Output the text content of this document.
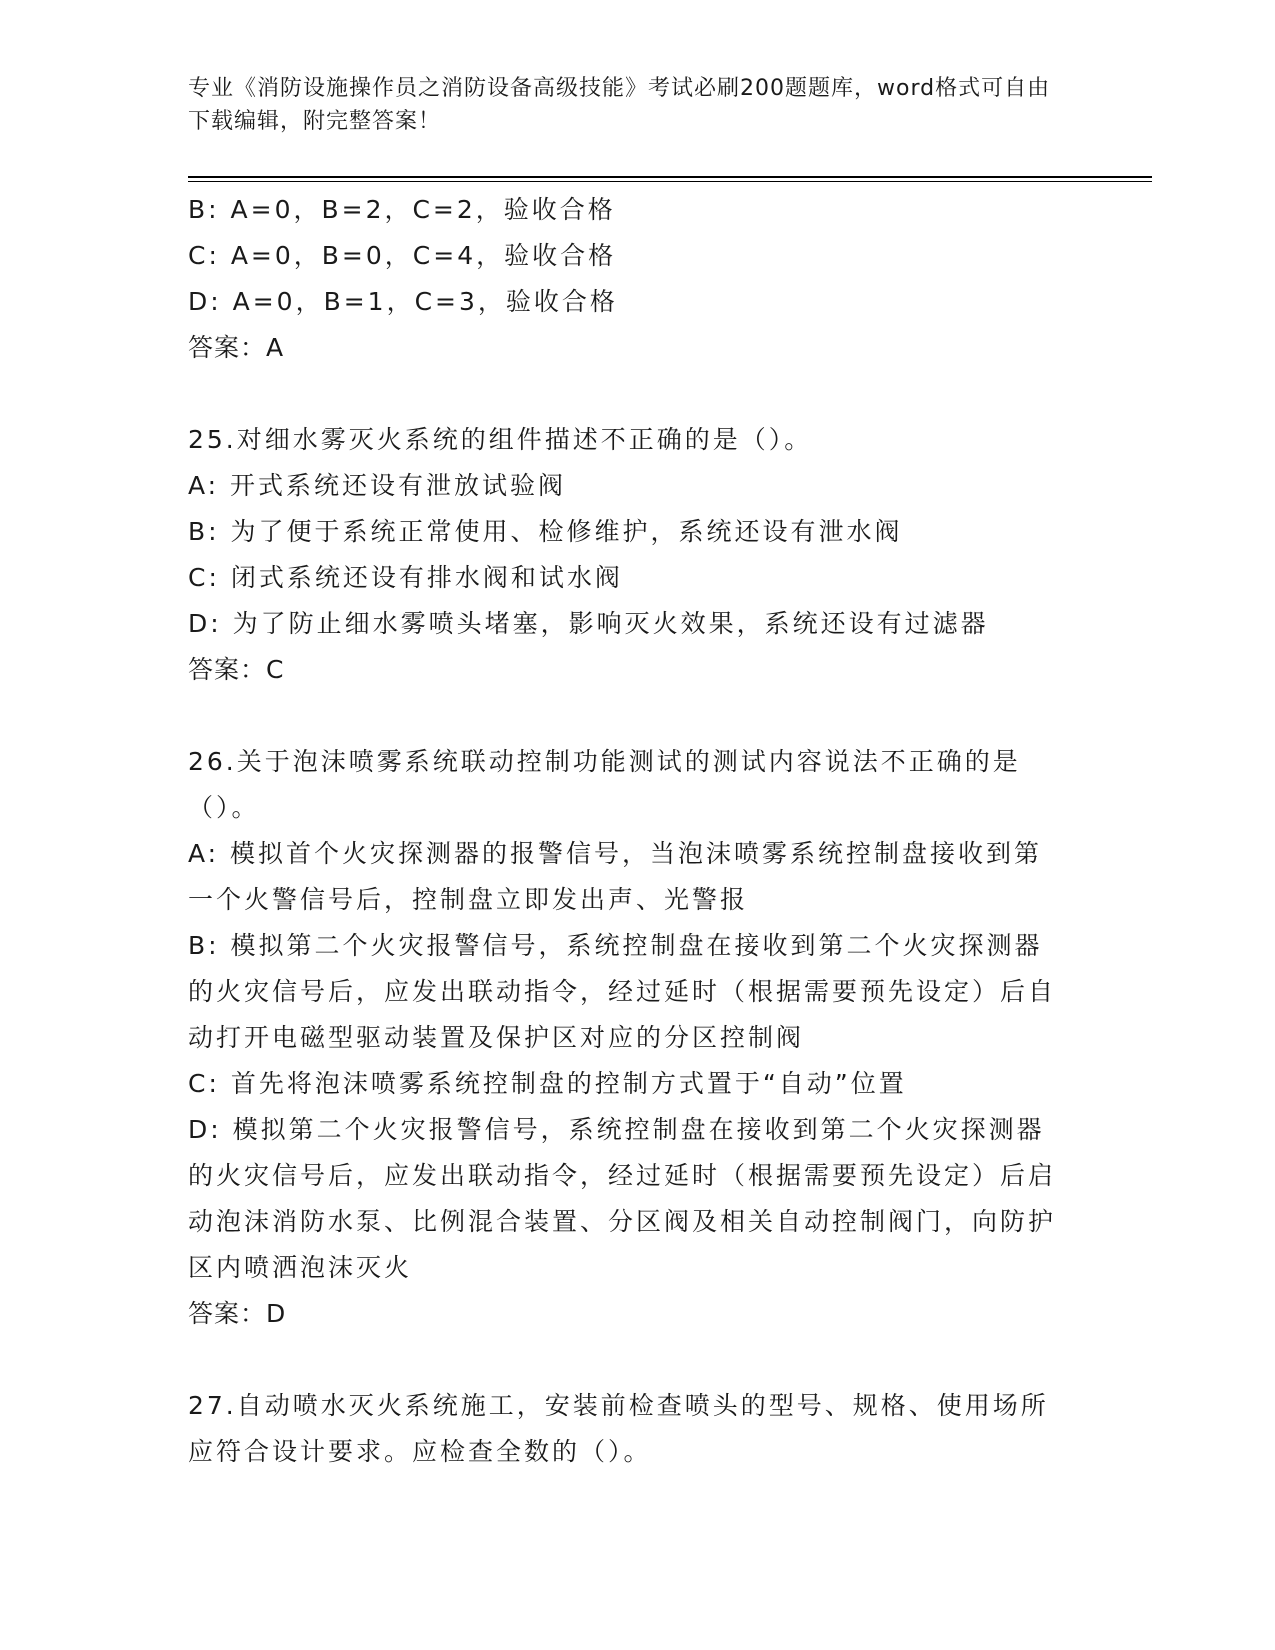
专业《消防设施操作员之消防设备高级技能》考试必刷200题题库，word格式可自由下载编辑，附完整答案！
B: A=0，B=2，C=2，验收合格
C: A=0，B=0，C=4，验收合格
D: A=0，B=1，C=3，验收合格
答案：A
25.对细水雾灭火系统的组件描述不正确的是（）。
A: 开式系统还设有泄放试验阀
B: 为了便于系统正常使用、检修维护，系统还设有泄水阀
C: 闭式系统还设有排水阀和试水阀
D: 为了防止细水雾喷头堵塞，影响灭火效果，系统还设有过滤器
答案：C
26.关于泡沫喷雾系统联动控制功能测试的测试内容说法不正确的是（）。
A: 模拟首个火灾探测器的报警信号，当泡沫喷雾系统控制盘接收到第一个火警信号后，控制盘立即发出声、光警报
B: 模拟第二个火灾报警信号，系统控制盘在接收到第二个火灾探测器的火灾信号后，应发出联动指令，经过延时（根据需要预先设定）后自动打开电磁型驱动装置及保护区对应的分区控制阀
C: 首先将泡沫喷雾系统控制盘的控制方式置于“自动”位置
D: 模拟第二个火灾报警信号，系统控制盘在接收到第二个火灾探测器的火灾信号后，应发出联动指令，经过延时（根据需要预先设定）后启动泡沫消防水泵、比例混合装置、分区阀及相关自动控制阀门，向防护区内喷洒泡沫灭火
答案：D
27.自动喷水灭火系统施工，安装前检查喷头的型号、规格、使用场所应符合设计要求。应检查全数的（）。
